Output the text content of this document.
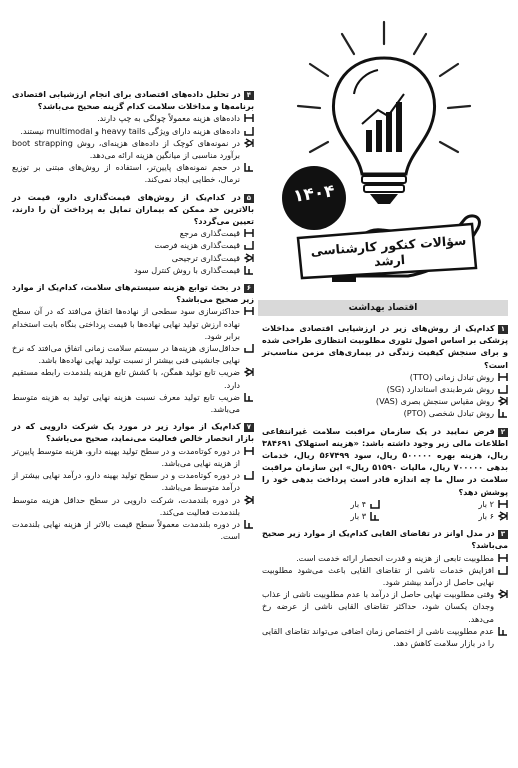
۱۴۰۴
سؤالات کنکور کارشناسی ارشد
اقتصاد بهداشت
۴در تحلیل داده‌های اقتصادی برای انجام ارزشیابی اقتصادی برنامه‌ها و مداخلات سلامت کدام گزینه صحیح می‌باشد؟
داده‌های هزینه معمولاً چولگی به چپ دارند.
داده‌های هزینه دارای ویژگی heavy tails و multimodal نیستند.
در نمونه‌های کوچک از داده‌های هزینه‌ای، روش boot strapping برآورد مناسبی از میانگین هزینه ارائه می‌دهد.
در حجم نمونه‌های پایین‌تر، استفاده از روش‌های مبتنی بر توزیع نرمال، خطایی ایجاد نمی‌کند.
۵در کدام‌یک از روش‌های قیمت‌گذاری دارو، قیمت در بالاترین حد ممکن که بیماران تمایل به پرداخت آن را دارند، تعیین می‌گردد؟
قیمت‌گذاری مرجع
قیمت‌گذاری هزینه فرصت
قیمت‌گذاری ترجیحی
قیمت‌گذاری با روش کنترل سود
۶در بحث توابع هزینه سیستم‌های سلامت، کدام‌یک از موارد زیر صحیح می‌باشد؟
حداکثرسازی سود سطحی از نهاده‌ها اتفاق می‌افتد که در آن سطح نهاده ارزش تولید نهایی نهاده‌ها با قیمت پرداختی بنگاه بابت استخدام برابر شود.
حداقل‌سازی هزینه‌ها در سیستم سلامت زمانی اتفاق می‌افتد که نرخ نهایی جانشینی فنی بیشتر از نسبت تولید نهایی نهاده‌ها باشد.
ضریب تابع تولید همگن، با کشش تابع هزینه بلندمدت رابطه مستقیم دارد.
ضریب تابع تولید معرف نسبت هزینه نهایی تولید به هزینه متوسط می‌باشد.
۷کدام‌یک از موارد زیر در مورد یک شرکت دارویی که در بازار انحصار خالص فعالیت می‌نماید، صحیح می‌باشد؟
در دوره کوتاه‌مدت و در سطح تولید بهینه دارو، هزینه متوسط پایین‌تر از هزینه نهایی می‌باشد.
در دوره کوتاه‌مدت و در سطح تولید بهینه دارو، درآمد نهایی بیشتر از درآمد متوسط می‌باشد.
در دوره بلندمدت، شرکت دارویی در سطح حداقل هزینه متوسط بلندمدت فعالیت می‌کند.
در دوره بلندمدت معمولاً سطح قیمت بالاتر از هزینه نهایی بلندمدت است.
۱کدام‌یک از روش‌های زیر در ارزشیابی اقتصادی مداخلات پزشکی بر اساس اصول تئوری مطلوبیت انتظاری طراحی شده و برای سنجش کیفیت زندگی در بیماری‌های مزمن مناسب‌تر است؟
روش تبادل زمانی (TTO)
روش شرط‌بندی استاندارد (SG)
روش مقیاس سنجش بصری (VAS)
روش تبادل شخصی (PTO)
۲فرض نمایید در یک سازمان مراقبت سلامت غیرانتفاعی اطلاعات مالی زیر وجود داشته باشد: «هزینه استهلاک ۳۸۴۶۹۱ ریال، هزینه بهره ۵۰۰۰۰۰ ریال، سود ۵۶۷۴۹۹ ریال، خدمات بدهی ۷۰۰۰۰۰ ریال، مالیات ۵۱۵۹۰ ریال» این سازمان مراقبت سلامت در سال ما چه اندازه قادر است پرداخت بدهی خود را پوشش دهد؟
۲ بار
۴ بار
۶ بار
۳ بار
۳در مدل اوانز در تقاضای القایی کدام‌یک از موارد زیر صحیح می‌باشد؟
مطلوبیت تابعی از هزینه و قدرت انحصار ارائه خدمت است.
افزایش خدمات ناشی از تقاضای القایی باعث می‌شود مطلوبیت نهایی حاصل از درآمد بیشتر شود.
وقتی مطلوبیت نهایی حاصل از درآمد با عدم مطلوبیت ناشی از عذاب وجدان یکسان شود، حداکثر تقاضای القایی ناشی از عرضه رخ می‌دهد.
عدم مطلوبیت ناشی از اختصاص زمان اضافی می‌تواند تقاضای القایی را در بازار سلامت کاهش دهد.
